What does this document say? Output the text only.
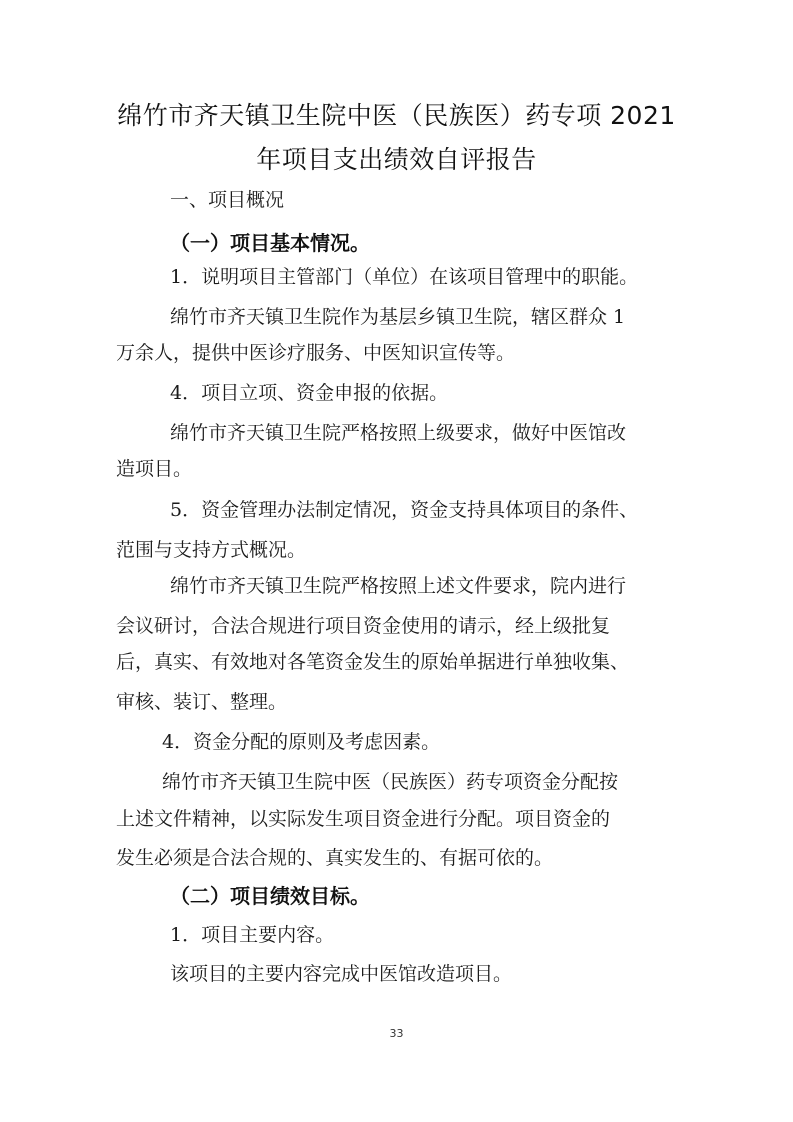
绵竹市齐天镇卫生院中医（民族医）药专项 2021
年项目支出绩效自评报告
一、项目概况
（一）项目基本情况。
1．说明项目主管部门（单位）在该项目管理中的职能。
绵竹市齐天镇卫生院作为基层乡镇卫生院，辖区群众 1
万余人，提供中医诊疗服务、中医知识宣传等。
4．项目立项、资金申报的依据。
绵竹市齐天镇卫生院严格按照上级要求，做好中医馆改
造项目。
5．资金管理办法制定情况，资金支持具体项目的条件、
范围与支持方式概况。
绵竹市齐天镇卫生院严格按照上述文件要求，院内进行
会议研讨，合法合规进行项目资金使用的请示，经上级批复
后，真实、有效地对各笔资金发生的原始单据进行单独收集、
审核、装订、整理。
4．资金分配的原则及考虑因素。
绵竹市齐天镇卫生院中医（民族医）药专项资金分配按
上述文件精神，以实际发生项目资金进行分配。项目资金的
发生必须是合法合规的、真实发生的、有据可依的。
（二）项目绩效目标。
1．项目主要内容。
该项目的主要内容完成中医馆改造项目。
33
